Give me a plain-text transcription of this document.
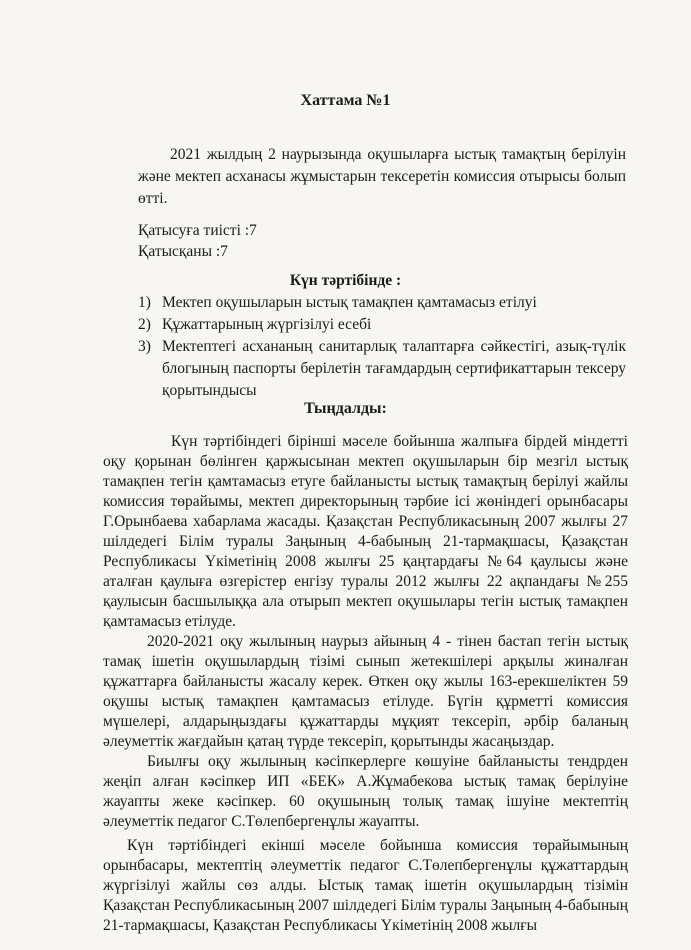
Хаттама №1
2021 жылдың 2 наурызында оқушыларға ыстық тамақтың берілуін және мектеп асханасы жұмыстарын тексеретін комиссия отырысы болып өтті.
Қатысуға тиісті :7
Қатысқаны :7
Күн тәртібінде :
1) Мектеп оқушыларын ыстық тамақпен қамтамасыз етілуі
2) Құжаттарының жүргізілуі есебі
3) Мектептегі асхананың санитарлық талаптарға сәйкестігі, азық-түлік блогының паспорты берілетін тағамдардың сертификаттарын тексеру қорытындысы
Тыңдалды:

Күн тәртібіндегі бірінші мәселе бойынша жалпыға бірдей міндетті оқу қорынан бөлінген қаржысынан мектеп оқушыларын бір мезгіл ыстық тамақпен тегін қамтамасыз етуге байланысты ыстық тамақтың берілуі жайлы комиссия төрайымы, мектеп директорының тәрбие ісі жөніндегі орынбасары Г.Орынбаева хабарлама жасады. Қазақстан Республикасының 2007 жылғы 27 шілдедегі Білім туралы Заңының 4-бабының 21-тармақшасы, Қазақстан Республикасы Үкіметінің 2008 жылғы 25 қаңтардағы №64 қаулысы және аталған қаулыға өзгерістер енгізу туралы 2012 жылғы 22 ақпандағы №255 қаулысын басшылыққа ала отырып мектеп оқушылары тегін ыстық тамақпен қамтамасыз етілуде.

2020-2021 оқу жылының наурыз айының 4 - тінен бастап тегін ыстық тамақ ішетін оқушылардың тізімі сынып жетекшілері арқылы жиналған құжаттарға байланысты жасалу керек. Өткен оқу жылы 163-ерекшеліктен 59 оқушы ыстық тамақпен қамтамасыз етілуде. Бүгін құрметті комиссия мүшелері, алдарыңыздағы құжаттарды мұқият тексеріп, әрбір баланың әлеуметтік жағдайын қатаң түрде тексеріп, қорытынды жасаңыздар.

Биылғы оқу жылының кәсіпкерлерге көшуіне байланысты тендрден жеңіп алған кәсіпкер ИП «БЕК» А.Жұмабекова ыстық тамақ берілуіне жауапты жеке кәсіпкер. 60 оқушының толық тамақ ішуіне мектептің әлеуметтік педагог С.Төлепбергенұлы жауапты.

Күн тәртібіндегі екінші мәселе бойынша комиссия төрайымының орынбасары, мектептің әлеуметтік педагог С.Төлепбергенұлы құжаттардың жүргізілуі жайлы сөз алды. Ыстық тамақ ішетін оқушылардың тізімін Қазақстан Республикасының 2007 шілдедегі Білім туралы Заңының 4-бабының 21-тармақшасы, Қазақстан Республикасы Үкіметінің 2008 жылғы
